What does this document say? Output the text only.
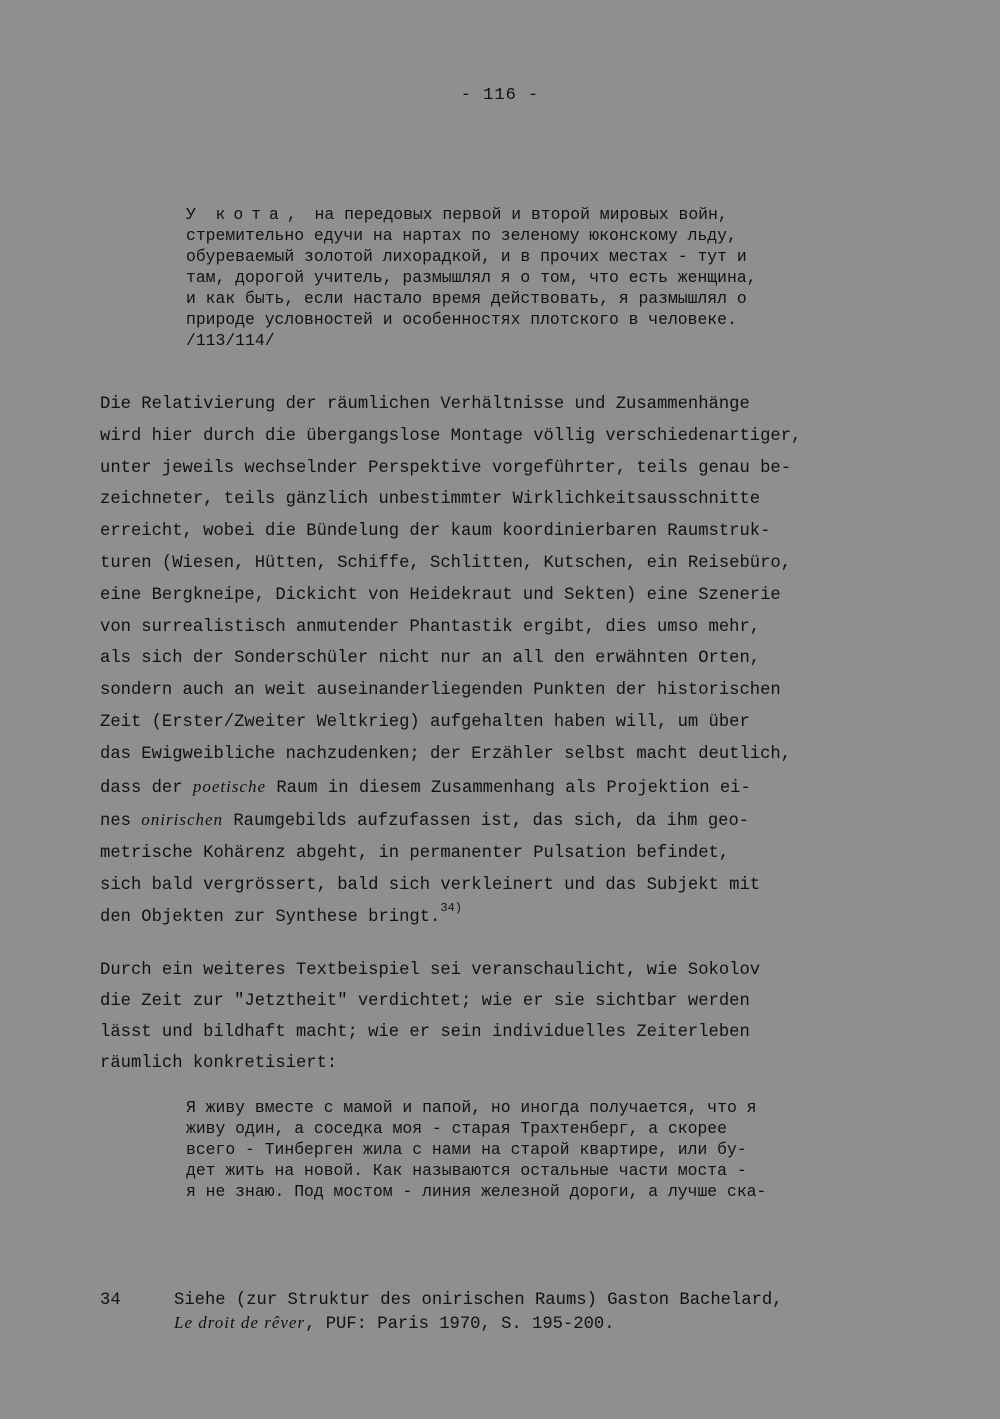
- 116 -
У кота, на передовых первой и второй мировых войн,
стремительно едучи на нартах по зеленому юконскому льду,
обуреваемый золотой лихорадкой, и в прочих местах - тут и
там, дорогой учитель, размышлял я о том, что есть женщина,
и как быть, если настало время действовать, я размышлял о
природе условностей и особенностях плотского в человеке.
/113/114/
Die Relativierung der räumlichen Verhältnisse und Zusammenhänge
wird hier durch die übergangslose Montage völlig verschiedenartiger,
unter jeweils wechselnder Perspektive vorgeführter, teils genau be-
zeichneter, teils gänzlich unbestimmter Wirklichkeitsausschnitte
erreicht, wobei die Bündelung der kaum koordinierbaren Raumstruk-
turen (Wiesen, Hütten, Schiffe, Schlitten, Kutschen, ein Reisebüro,
eine Bergkneipe, Dickicht von Heidekraut und Sekten) eine Szenerie
von surrealistisch anmutender Phantastik ergibt, dies umso mehr,
als sich der Sonderschüler nicht nur an all den erwähnten Orten,
sondern auch an weit auseinanderliegenden Punkten der historischen
Zeit (Erster/Zweiter Weltkrieg) aufgehalten haben will, um über
das Ewigweibliche nachzudenken; der Erzähler selbst macht deutlich,
dass der poetische Raum in diesem Zusammenhang als Projektion ei-
nes onirischen Raumgebilds aufzufassen ist, das sich, da ihm geo-
metrische Kohärenz abgeht, in permanenter Pulsation befindet,
sich bald vergrössert, bald sich verkleinert und das Subjekt mit
den Objekten zur Synthese bringt.$^{34)}$
Durch ein weiteres Textbeispiel sei veranschaulicht, wie Sokolov
die Zeit zur "Jetztheit" verdichtet; wie er sie sichtbar werden
lässt und bildhaft macht; wie er sein individuelles Zeiterleben
räumlich konkretisiert:
Я живу вместе с мамой и папой, но иногда получается, что я
живу один, а соседка моя - старая Трахтенберг, а скорее
всего - Тинберген жила с нами на старой квартире, или бу-
дет жить на новой. Как называются остальные части моста -
я не знаю. Под мостом - линия железной дороги, а лучше ска-
34	Siehe (zur Struktur des onirischen Raums) Gaston Bachelard,
Le droit de rêver, PUF: Paris 1970, S. 195-200.
